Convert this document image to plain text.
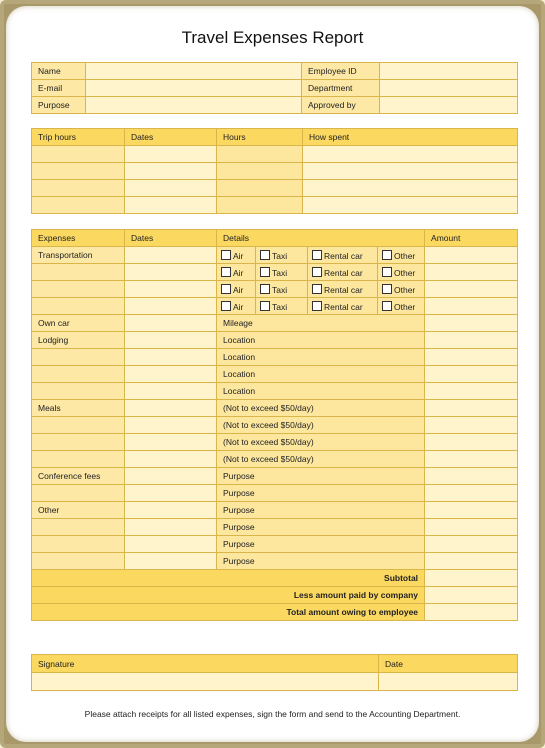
Travel Expenses Report
Name		Employee ID	
E-mail		Department	
Purpose		Approved by	
Trip hours	Dates	Hours	How spent

Expenses	Dates	Details				Amount
Transportation		Air	Taxi	Rental car	Other	
		Air	Taxi	Rental car	Other	
		Air	Taxi	Rental car	Other	
		Air	Taxi	Rental car	Other	
Own car		Mileage				
Lodging		Location				
		Location				
		Location				
		Location				
Meals		(Not to exceed $50/day)				
		(Not to exceed $50/day)				
		(Not to exceed $50/day)				
		(Not to exceed $50/day)				
Conference fees		Purpose				
		Purpose				
Other		Purpose				
		Purpose				
		Purpose				
		Purpose				
Subtotal						
Less amount paid by company						
Total amount owing to employee						
Signature	Date

Please attach receipts for all listed expenses, sign the form and send to the Accounting Department.
